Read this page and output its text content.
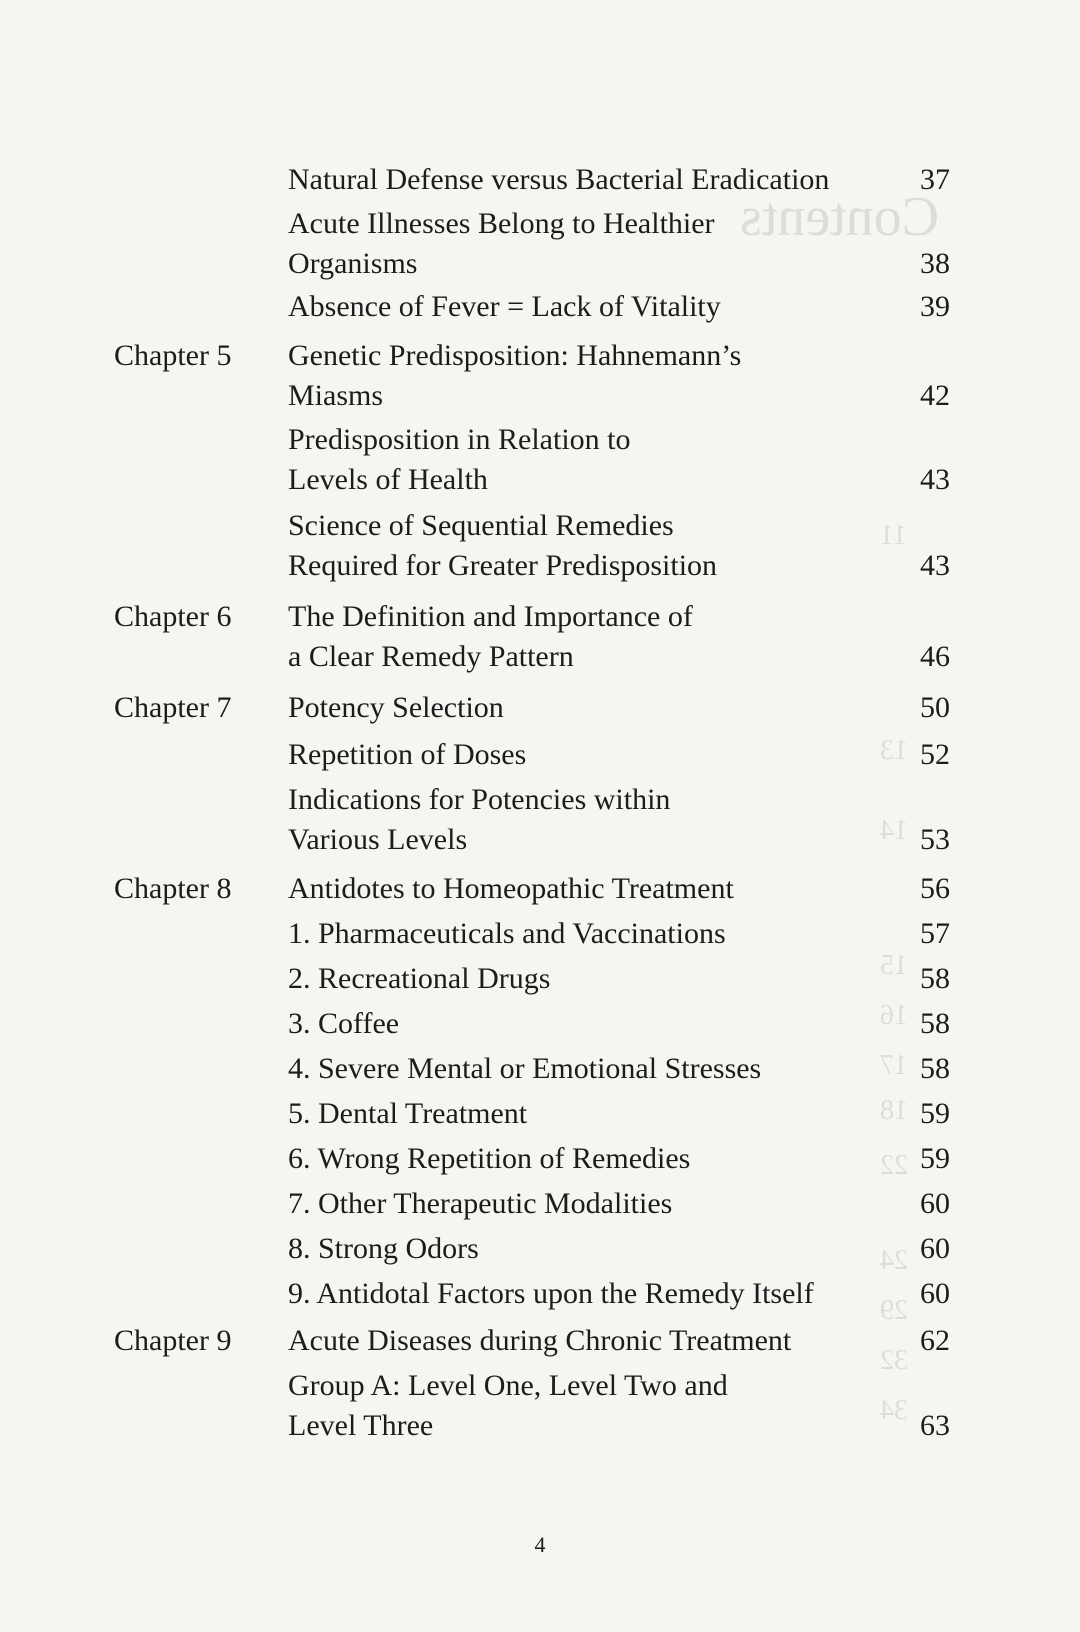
Contents
11
13
14
15
16
17
18
22
24
29
32
34
Natural Defense versus Bacterial Eradication	37
Acute Illnesses Belong to Healthier
Organisms	38
Absence of Fever = Lack of Vitality	39
Chapter 5 Genetic Predisposition: Hahnemann’s
Miasms	42
Predisposition in Relation to
Levels of Health	43
Science of Sequential Remedies
Required for Greater Predisposition	43
Chapter 6 The Definition and Importance of
a Clear Remedy Pattern	46
Chapter 7 Potency Selection	50
Repetition of Doses	52
Indications for Potencies within
Various Levels	53
Chapter 8 Antidotes to Homeopathic Treatment	56
1. Pharmaceuticals and Vaccinations	57
2. Recreational Drugs	58
3. Coffee	58
4. Severe Mental or Emotional Stresses	58
5. Dental Treatment	59
6. Wrong Repetition of Remedies	59
7. Other Therapeutic Modalities	60
8. Strong Odors	60
9. Antidotal Factors upon the Remedy Itself	60
Chapter 9 Acute Diseases during Chronic Treatment	62
Group A: Level One, Level Two and
Level Three	63
4
